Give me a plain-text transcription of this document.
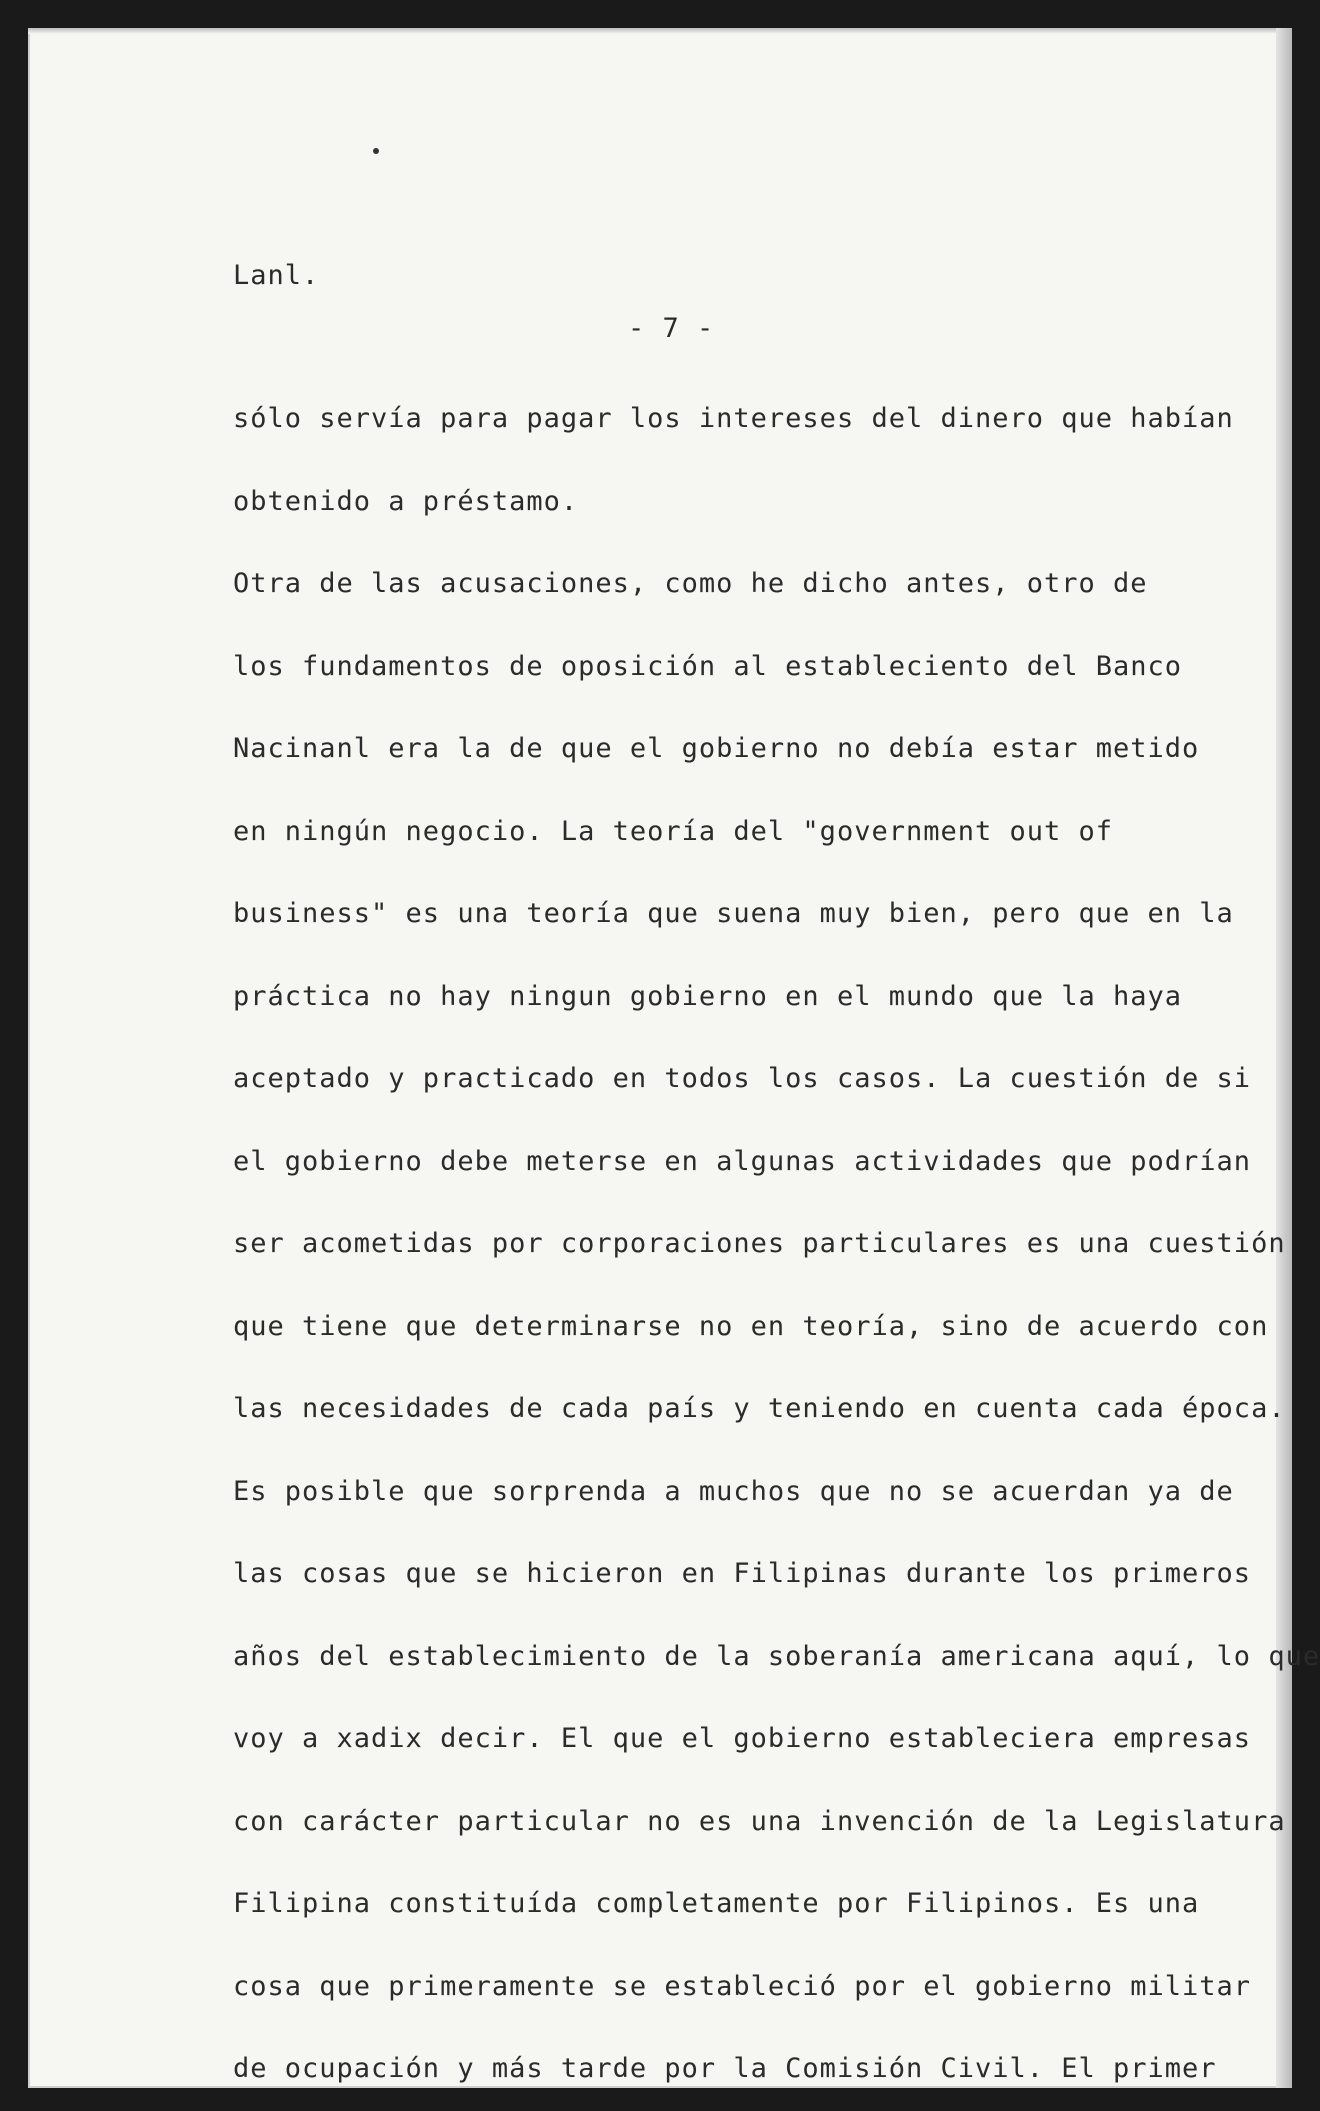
Lanl.
- 7 -
sólo servía para pagar los intereses del dinero que habían
obtenido a préstamo.
Otra de las acusaciones, como he dicho antes, otro de
los fundamentos de oposición al estableciento del Banco
Nacinanl era la de que el gobierno no debía estar metido
en ningún negocio. La teoría del "government out of
business" es una teoría que suena muy bien, pero que en la
práctica no hay ningun gobierno en el mundo que la haya
aceptado y practicado en todos los casos. La cuestión de si
el gobierno debe meterse en algunas actividades que podrían
ser acometidas por corporaciones particulares es una cuestión
que tiene que determinarse no en teoría, sino de acuerdo con
las necesidades de cada país y teniendo en cuenta cada época.
Es posible que sorprenda a muchos que no se acuerdan ya de
las cosas que se hicieron en Filipinas durante los primeros
años del establecimiento de la soberanía americana aquí, lo que
voy a xadix decir. El que el gobierno estableciera empresas
con carácter particular no es una invención de la Legislatura
Filipina constituída completamente por Filipinos. Es una
cosa que primeramente se estableció por el gobierno militar
de ocupación y más tarde por la Comisión Civil. El primer
